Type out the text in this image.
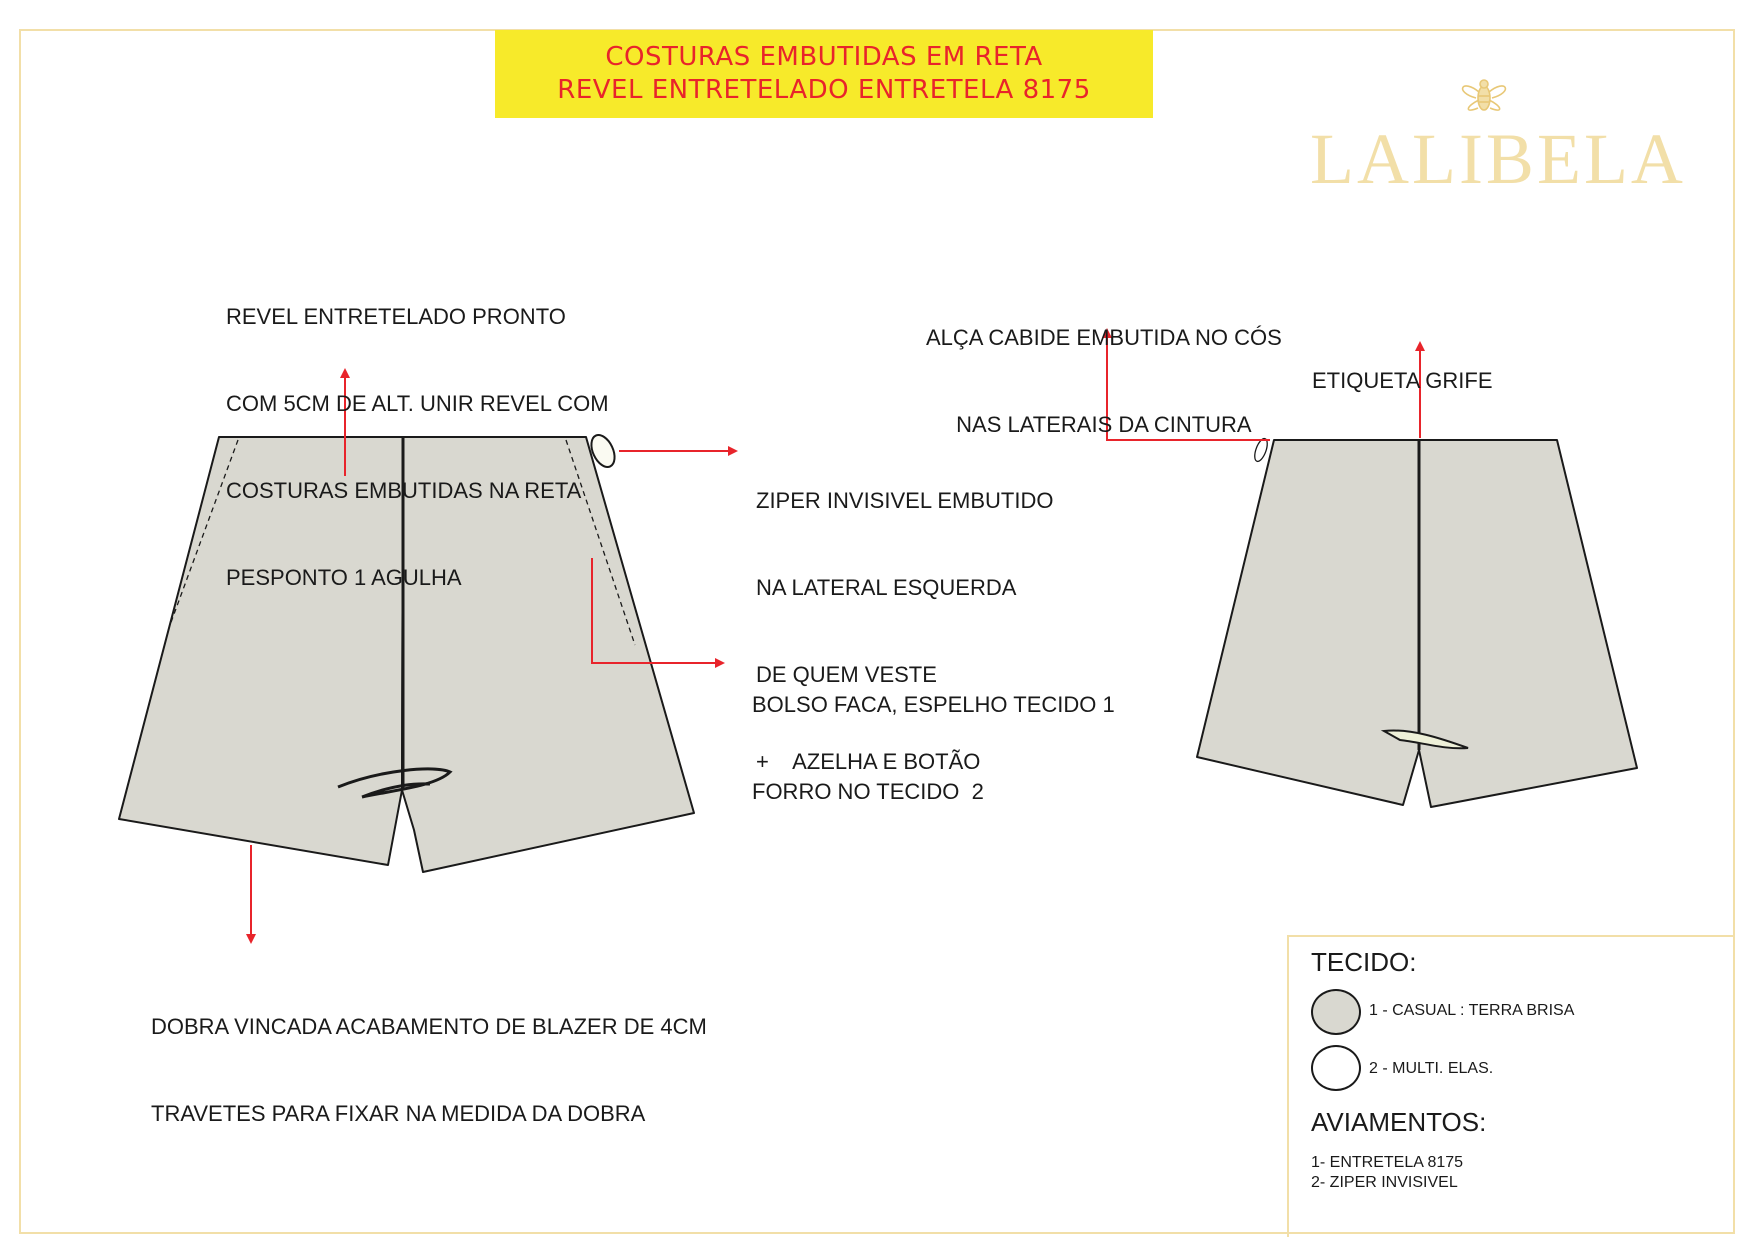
COSTURAS EMBUTIDAS EM RETA
REVEL ENTRETELADO ENTRETELA 8175
LALIBELA

REVEL ENTRETELADO PRONTO

COM 5CM DE ALT. UNIR REVEL COM

COSTURAS EMBUTIDAS NA RETA

PESPONTO 1 AGULHA

ZIPER INVISIVEL EMBUTIDO

NA LATERAL ESQUERDA

DE QUEM VESTE

+    AZELHA E BOTÃO

BOLSO FACA, ESPELHO TECIDO 1

FORRO NO TECIDO  2

DOBRA VINCADA ACABAMENTO DE BLAZER DE 4CM

TRAVETES PARA FIXAR NA MEDIDA DA DOBRA

ALÇA CABIDE EMBUTIDA NO CÓS

NAS LATERAIS DA CINTURA

ETIQUETA GRIFE

TECIDO:
1 - CASUAL : TERRA BRISA
2 - MULTI. ELAS.
AVIAMENTOS:
1- ENTRETELA 8175
2- ZIPER INVISIVEL
